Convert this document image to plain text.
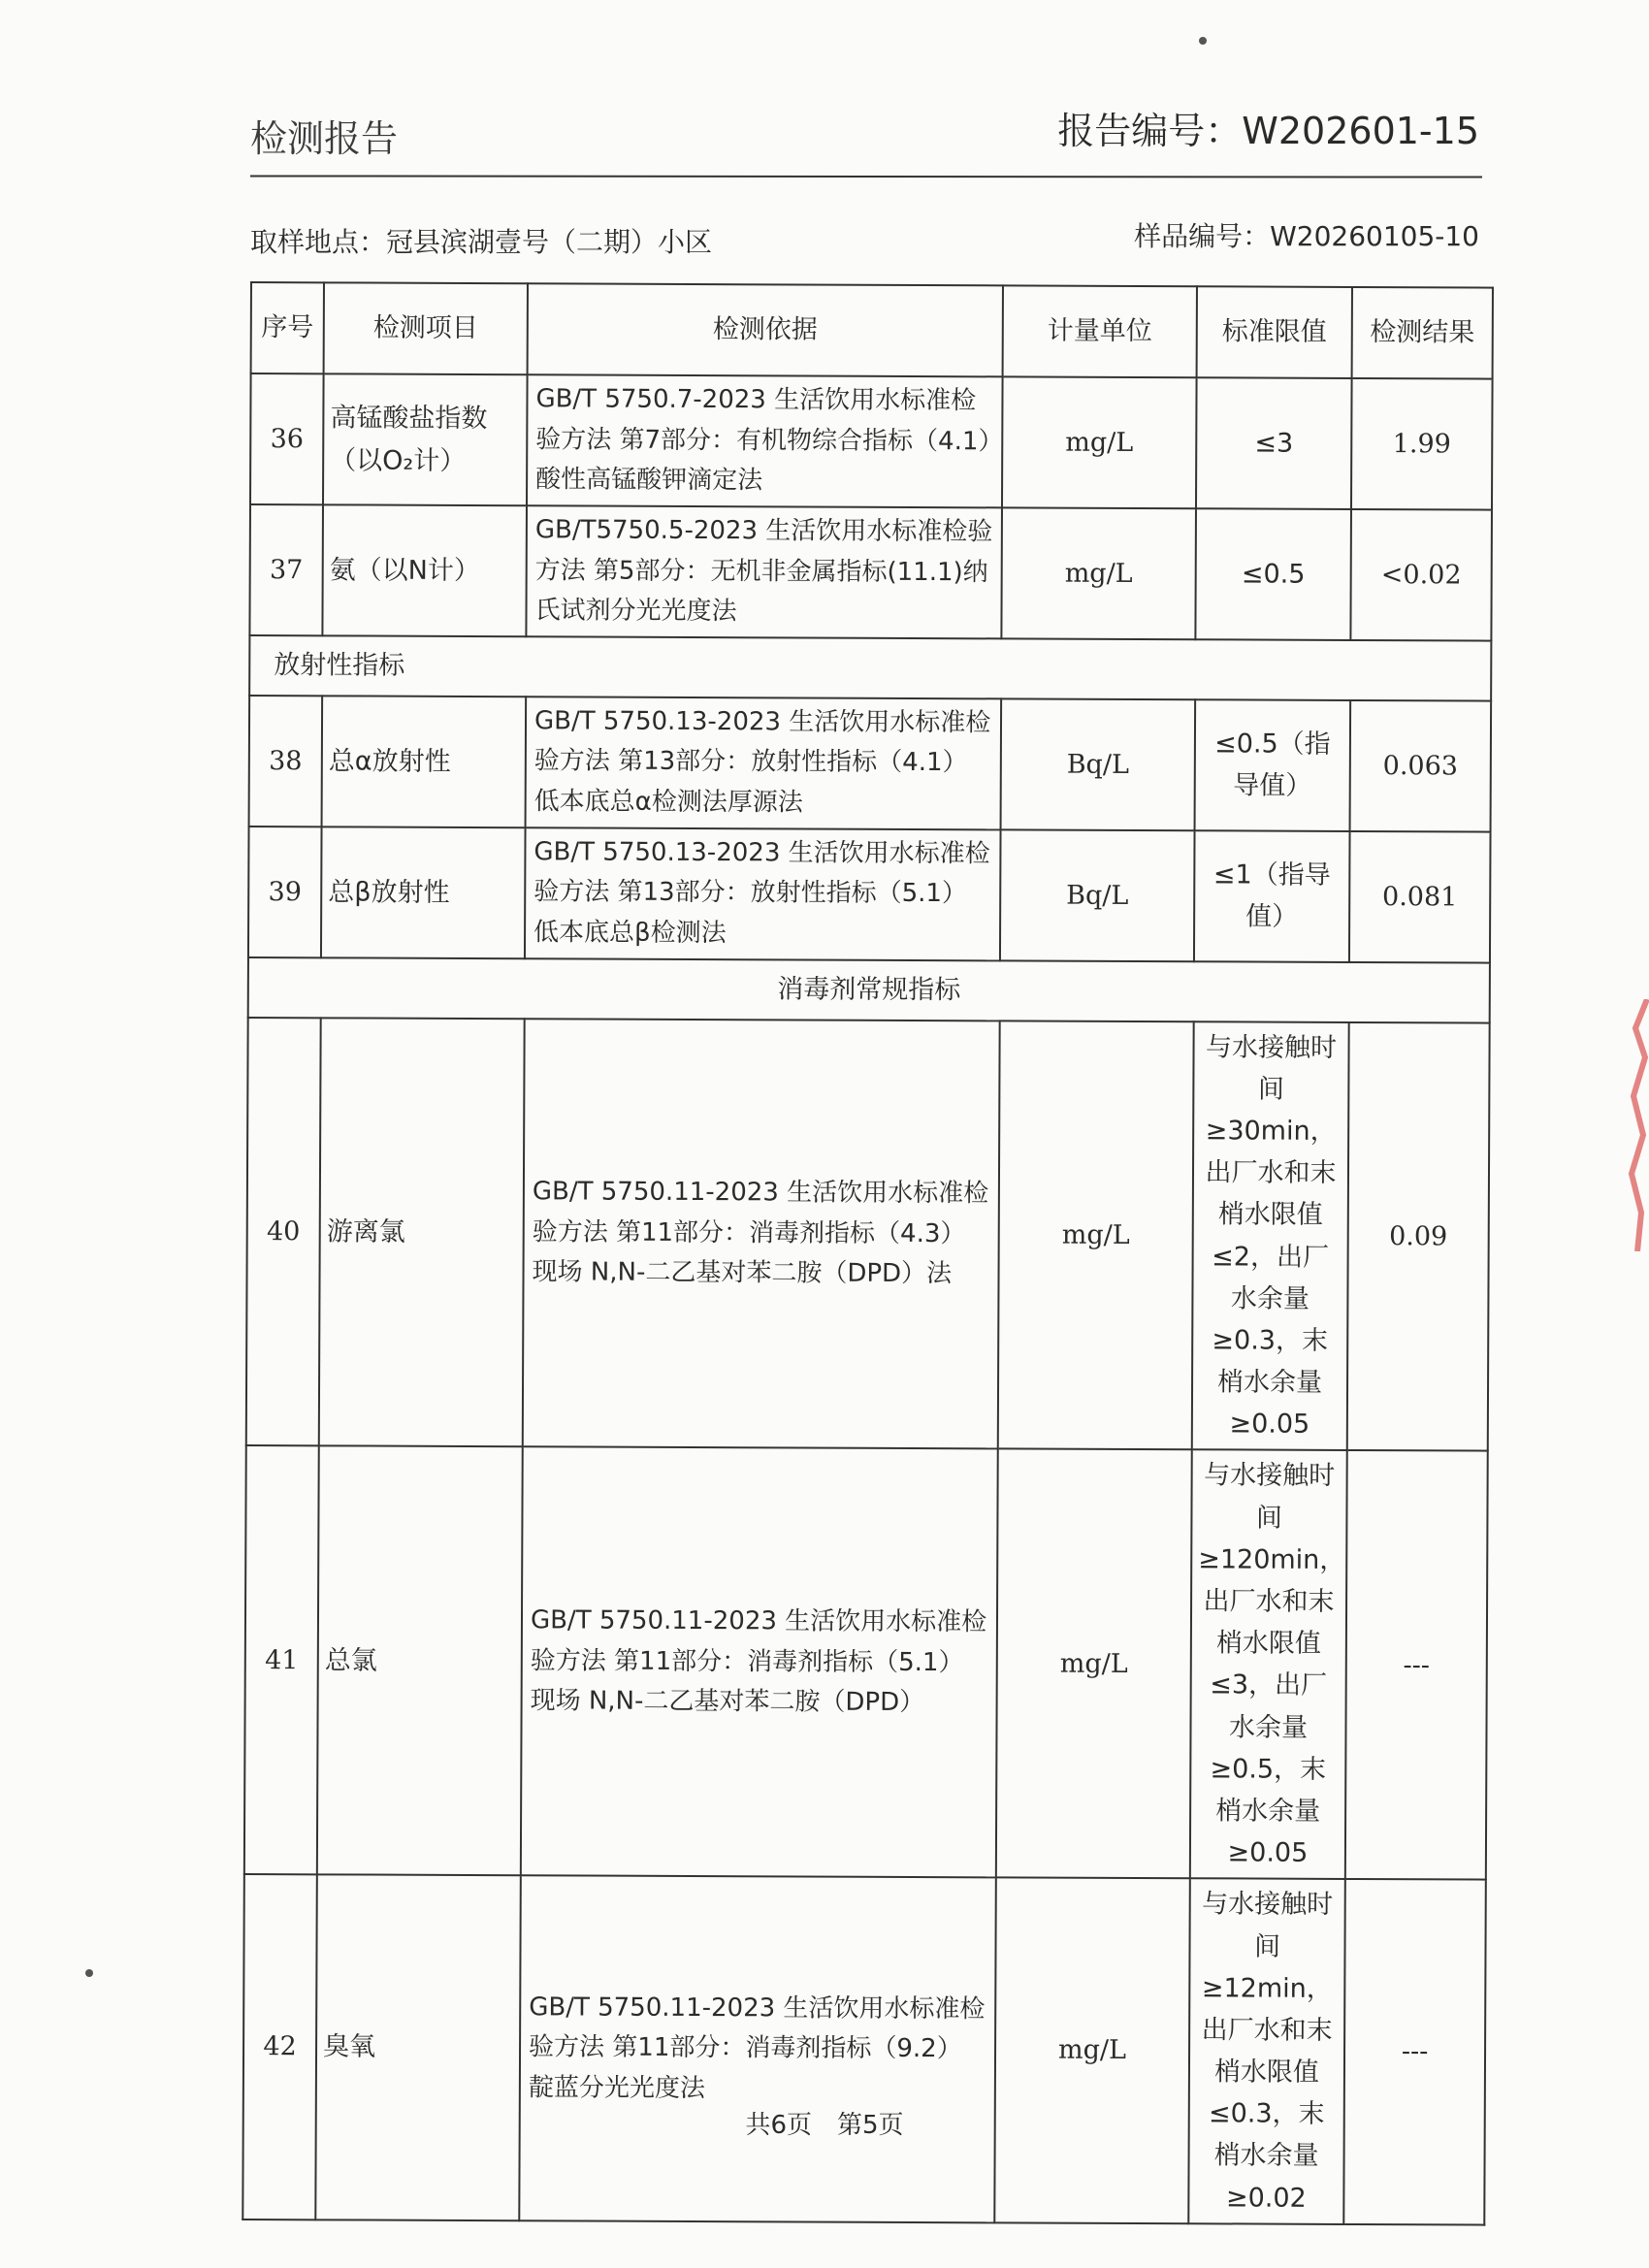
检测报告	报告编号：W202601-15
取样地点：冠县滨湖壹号（二期）小区	样品编号：W20260105-10
序号	检测项目	检测依据	计量单位	标准限值	检测结果
36	高锰酸盐指数（以O₂计）	GB/T 5750.7-2023 生活饮用水标准检验方法 第7部分：有机物综合指标（4.1）酸性高锰酸钾滴定法	mg/L	≤3	1.99
37	氨（以N计）	GB/T5750.5-2023 生活饮用水标准检验方法 第5部分：无机非金属指标(11.1)纳氏试剂分光光度法	mg/L	≤0.5	<0.02
放射性指标					
38	总α放射性	GB/T 5750.13-2023 生活饮用水标准检验方法 第13部分：放射性指标（4.1）低本底总α检测法厚源法	Bq/L	≤0.5（指导值）	0.063
39	总β放射性	GB/T 5750.13-2023 生活饮用水标准检验方法 第13部分：放射性指标（5.1）低本底总β检测法	Bq/L	≤1（指导值）	0.081
消毒剂常规指标					
40	游离氯	GB/T 5750.11-2023 生活饮用水标准检验方法 第11部分：消毒剂指标（4.3）现场 N,N-二乙基对苯二胺（DPD）法	mg/L	与水接触时间≥30min，出厂水和末梢水限值≤2，出厂水余量≥0.3，末梢水余量≥0.05	0.09
41	总氯	GB/T 5750.11-2023 生活饮用水标准检验方法 第11部分：消毒剂指标（5.1）现场 N,N-二乙基对苯二胺（DPD）	mg/L	与水接触时间≥120min，出厂水和末梢水限值≤3，出厂水余量≥0.5，末梢水余量≥0.05	---
42	臭氧	GB/T 5750.11-2023 生活饮用水标准检验方法 第11部分：消毒剂指标（9.2）靛蓝分光光度法	mg/L	与水接触时间≥12min，出厂水和末梢水限值≤0.3，末梢水余量≥0.02	---
共6页　第5页
